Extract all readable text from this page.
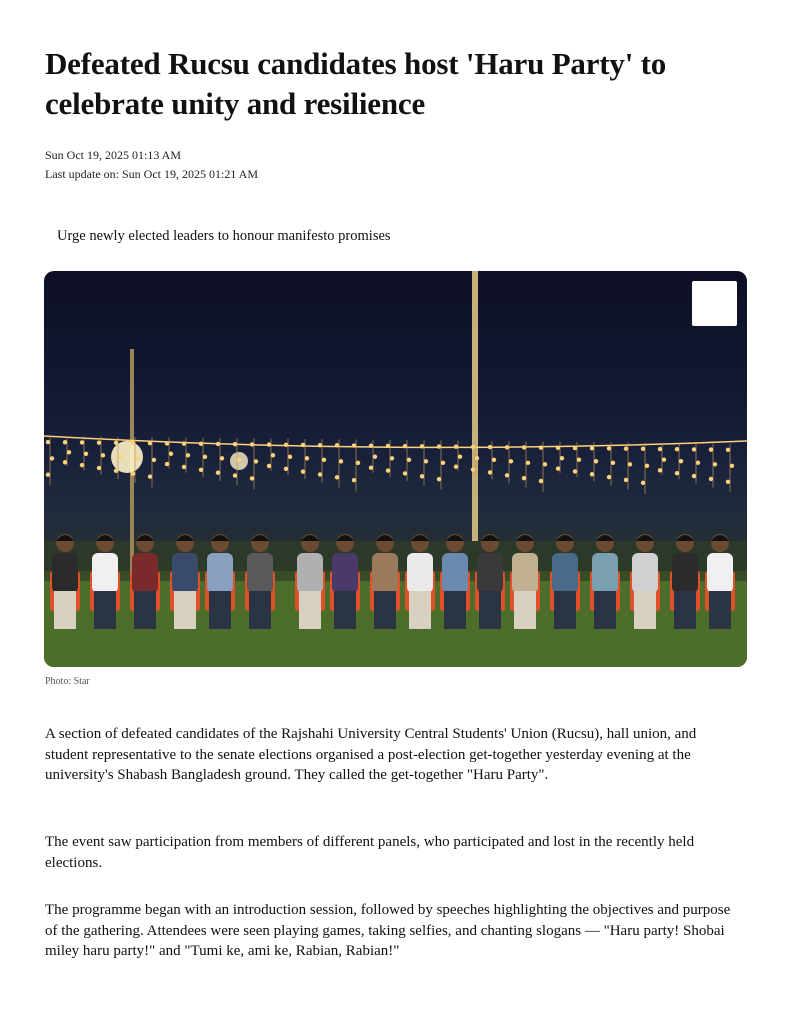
Defeated Rucsu candidates host 'Haru Party' to celebrate unity and resilience
Sun Oct 19, 2025 01:13 AM
Last update on: Sun Oct 19, 2025 01:21 AM
Urge newly elected leaders to honour manifesto promises
Photo: Star

A section of defeated candidates of the Rajshahi University Central Students' Union (Rucsu), hall union, and student representative to the senate elections organised a post-election get-together yesterday evening at the university's Shabash Bangladesh ground. They called the get-together "Haru Party".

The event saw participation from members of different panels, who participated and lost in the recently held elections.

The programme began with an introduction session, followed by speeches highlighting the objectives and purpose of the gathering. Attendees were seen playing games, taking selfies, and chanting slogans — "Haru party! Shobai miley haru party!" and "Tumi ke, ami ke, Rabian, Rabian!"
